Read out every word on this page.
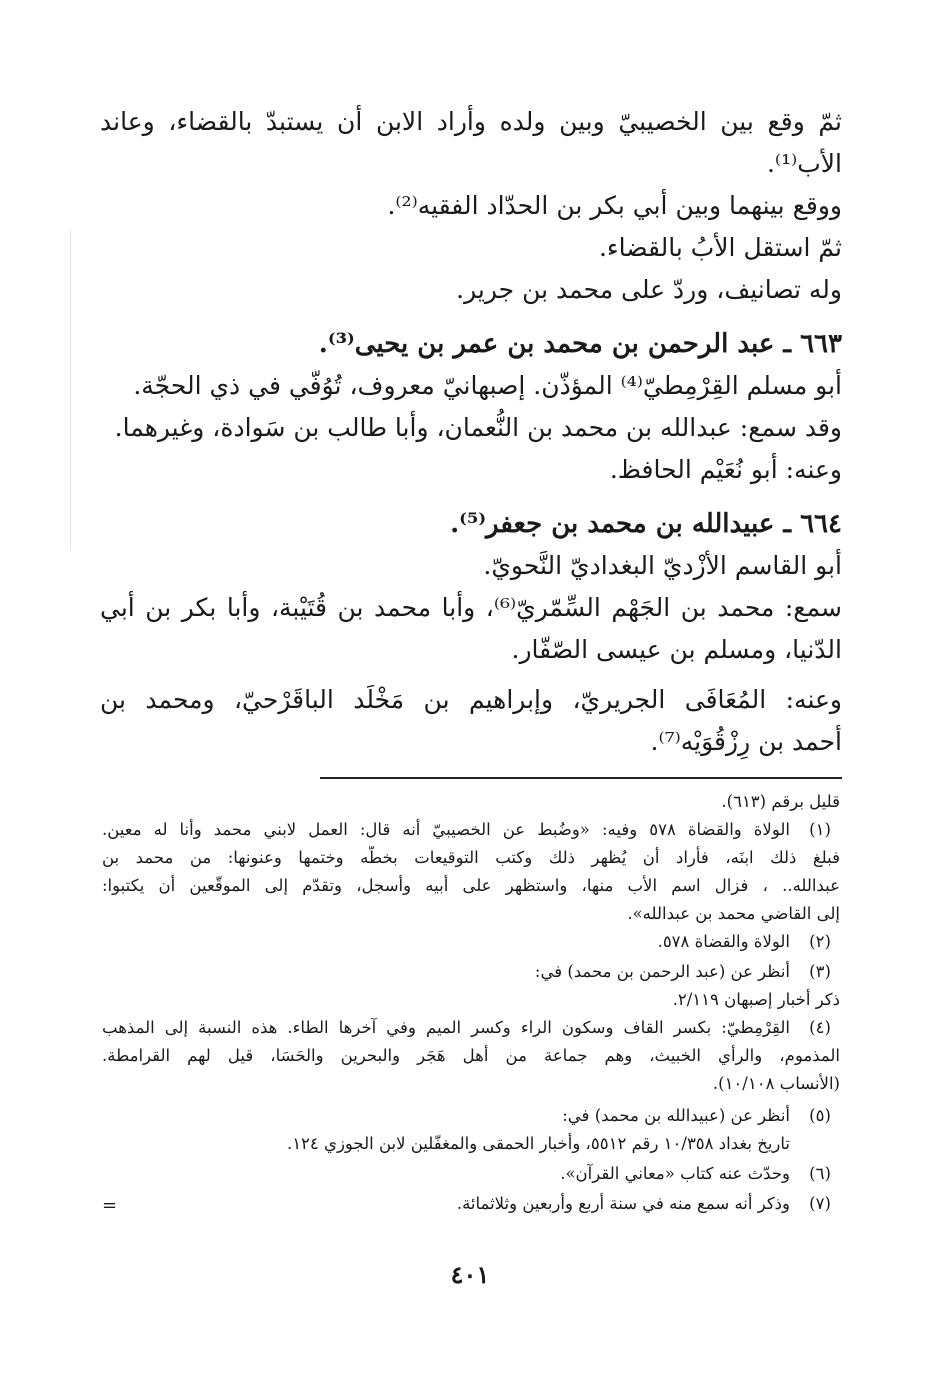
ثمّ وقع بين الخصيبيّ وبين ولده وأراد الابن أن يستبدّ بالقضاء، وعاند
الأب⁽¹⁾.
ووقع بينهما وبين أبي بكر بن الحدّاد الفقيه⁽²⁾.
ثمّ استقل الأبُ بالقضاء.
وله تصانيف، وردّ على محمد بن جرير.
٦٦٣ ـ عبد الرحمن بن محمد بن عمر بن يحيى⁽³⁾.
أبو مسلم القِرْمِطيّ⁽⁴⁾ المؤذّن. إصبهانيّ معروف، تُوُفّي في ذي الحجّة.
وقد سمع: عبدالله بن محمد بن النُّعمان، وأبا طالب بن سَوادة، وغيرهما.
وعنه: أبو نُعَيْم الحافظ.
٦٦٤ ـ عبيدالله بن محمد بن جعفر⁽⁵⁾.
أبو القاسم الأزْديّ البغداديّ النَّحويّ.
سمع: محمد بن الجَهْم السِّمّريّ⁽⁶⁾، وأبا محمد بن قُتَيْبة، وأبا بكر بن أبي
الدّنيا، ومسلم بن عيسى الصّفّار.
وعنه: المُعَافَى الجريريّ، وإبراهيم بن مَخْلَد الباقَرْحيّ، ومحمد بن
أحمد بن رِزْقُوَيْه⁽⁷⁾.
قليل برقم (٦١٣).
(١)
الولاة والقضاة ٥٧٨ وفيه: «وضُبط عن الخصيبيّ أنه قال: العمل لابني محمد وأنا له معين.
فبلغ ذلك ابنَه، فأراد أن يُظهر ذلك وكتب التوقيعات بخطّه وختمها وعنونها: من محمد بن
عبدالله.. ، فزال اسم الأب منها، واستظهر على أبيه وأسجل، وتقدّم إلى الموقّعين أن يكتبوا:
إلى القاضي محمد بن عبدالله».
(٢)
الولاة والقضاة ٥٧٨.
(٣)
أنظر عن (عبد الرحمن بن محمد) في:
ذكر أخبار إصبهان ٢/١١٩.
(٤)
القِرْمِطيّ: بكسر القاف وسكون الراء وكسر الميم وفي آخرها الطاء. هذه النسبة إلى المذهب
المذموم، والرأي الخبيث، وهم جماعة من أهل هَجَر والبحرين والحَسَا، قيل لهم القرامطة.
(الأنساب ١٠/١٠٨).
(٥)
أنظر عن (عبيدالله بن محمد) في:
تاريخ بغداد ١٠/٣٥٨ رقم ٥٥١٢، وأخبار الحمقى والمغفّلين لابن الجوزي ١٢٤.
(٦)
وحدّث عنه كتاب «معاني القرآن».
(٧)
وذكر أنه سمع منه في سنة أربع وأربعين وثلاثمائة.
=
٤٠١
